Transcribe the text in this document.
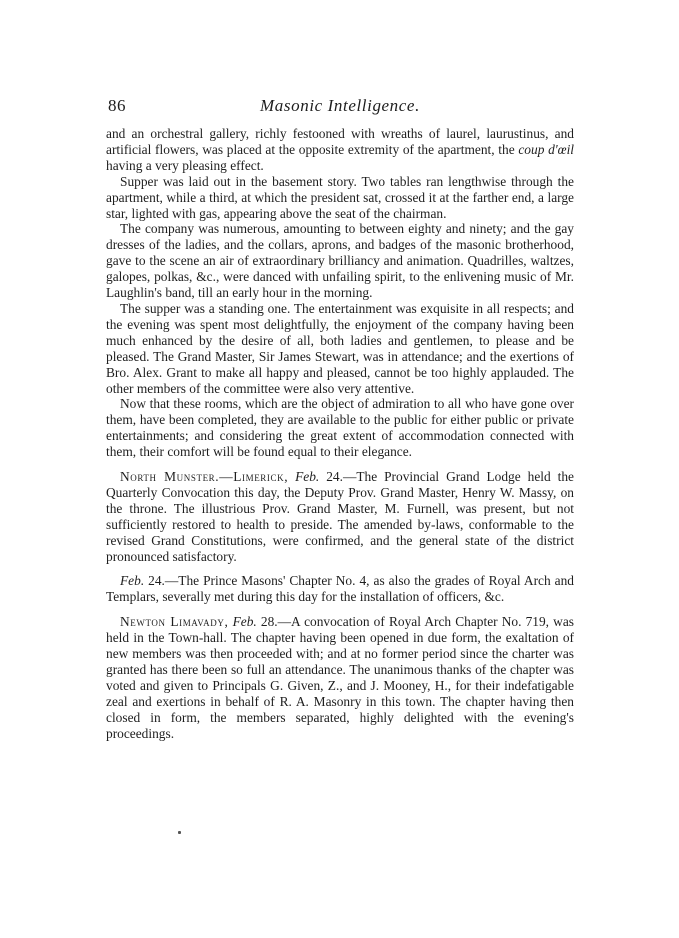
86	Masonic Intelligence.

and an orchestral gallery, richly festooned with wreaths of laurel, laurustinus, and artificial flowers, was placed at the opposite extremity of the apartment, the coup d'œil having a very pleasing effect.

Supper was laid out in the basement story. Two tables ran lengthwise through the apartment, while a third, at which the president sat, crossed it at the farther end, a large star, lighted with gas, appearing above the seat of the chairman.

The company was numerous, amounting to between eighty and ninety; and the gay dresses of the ladies, and the collars, aprons, and badges of the masonic brotherhood, gave to the scene an air of extraordinary brilliancy and animation. Quadrilles, waltzes, galopes, polkas, &c., were danced with unfailing spirit, to the enlivening music of Mr. Laughlin's band, till an early hour in the morning.

The supper was a standing one. The entertainment was exquisite in all respects; and the evening was spent most delightfully, the enjoyment of the company having been much enhanced by the desire of all, both ladies and gentlemen, to please and be pleased. The Grand Master, Sir James Stewart, was in attendance; and the exertions of Bro. Alex. Grant to make all happy and pleased, cannot be too highly applauded. The other members of the committee were also very attentive.

Now that these rooms, which are the object of admiration to all who have gone over them, have been completed, they are available to the public for either public or private entertainments; and considering the great extent of accommodation connected with them, their comfort will be found equal to their elegance.

North Munster.—Limerick, Feb. 24.—The Provincial Grand Lodge held the Quarterly Convocation this day, the Deputy Prov. Grand Master, Henry W. Massy, on the throne. The illustrious Prov. Grand Master, M. Furnell, was present, but not sufficiently restored to health to preside. The amended by-laws, conformable to the revised Grand Constitutions, were confirmed, and the general state of the district pronounced satisfactory.

Feb. 24.—The Prince Masons' Chapter No. 4, as also the grades of Royal Arch and Templars, severally met during this day for the installation of officers, &c.

Newton Limavady, Feb. 28.—A convocation of Royal Arch Chapter No. 719, was held in the Town-hall. The chapter having been opened in due form, the exaltation of new members was then proceeded with; and at no former period since the charter was granted has there been so full an attendance. The unanimous thanks of the chapter was voted and given to Principals G. Given, Z., and J. Mooney, H., for their indefatigable zeal and exertions in behalf of R. A. Masonry in this town. The chapter having then closed in form, the members separated, highly delighted with the evening's proceedings.
